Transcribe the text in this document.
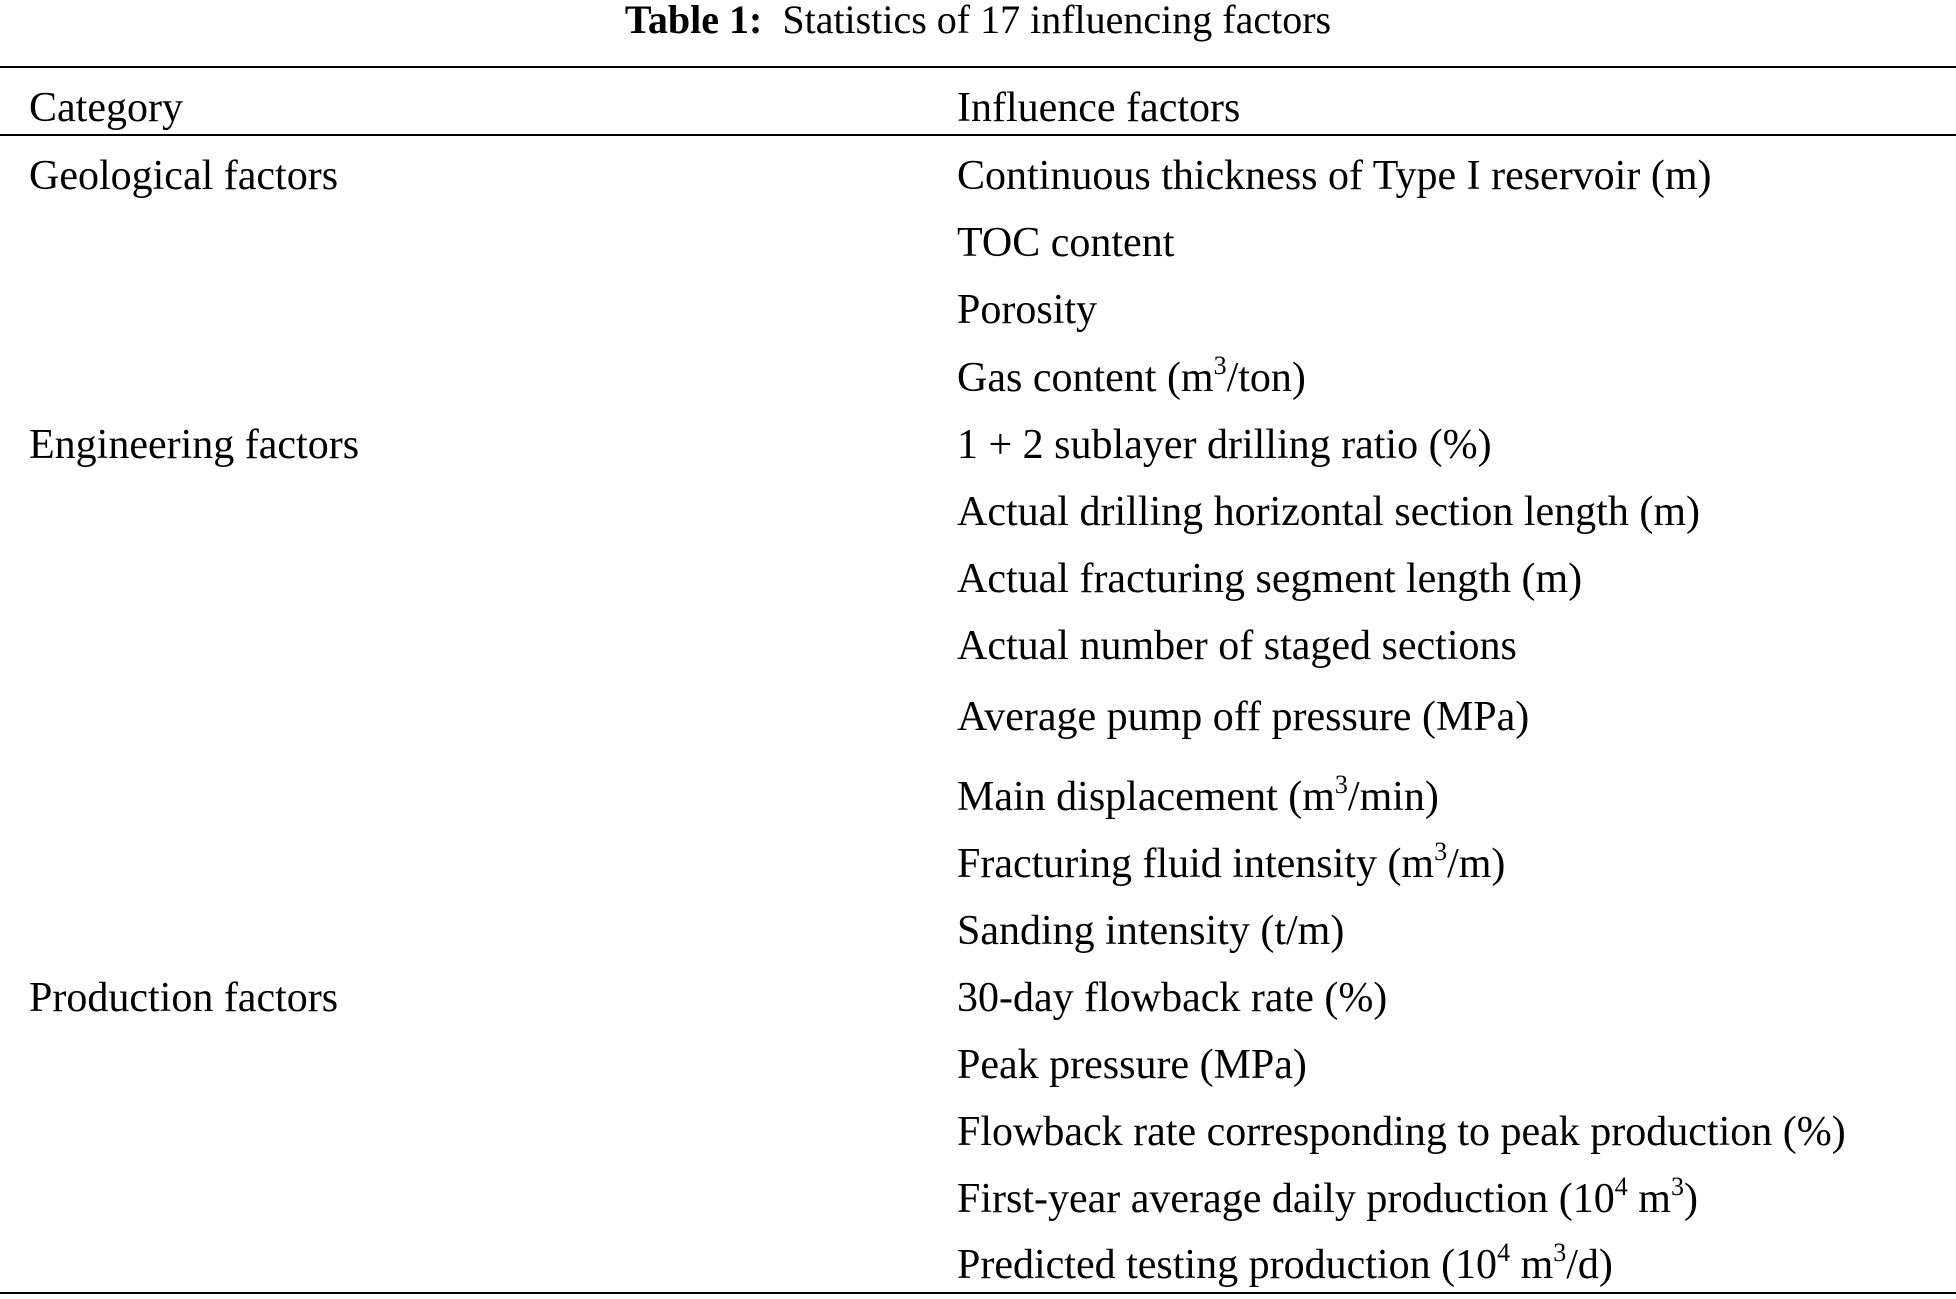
Table 1: Statistics of 17 influencing factors
Category	Influence factors
Geological factors	Continuous thickness of Type I reservoir (m)
TOC content
Porosity
Gas content $(m^3/ton)$
Engineering factors	1 + 2 sublayer drilling ratio (%)
Actual drilling horizontal section length (m)
Actual fracturing segment length (m)
Actual number of staged sections
Average pump off pressure (MPa)
Main displacement $(m^3/\min)$
Fracturing fluid intensity $(m^3/m)$
Sanding intensity (t/m)
Production factors	30-day flowback rate (%)
Peak pressure (MPa)
Flowback rate corresponding to peak production (%)
First-year average daily production ($10^4$ $m^3$)
Predicted testing production ($10^4$ $m^3/d$)
